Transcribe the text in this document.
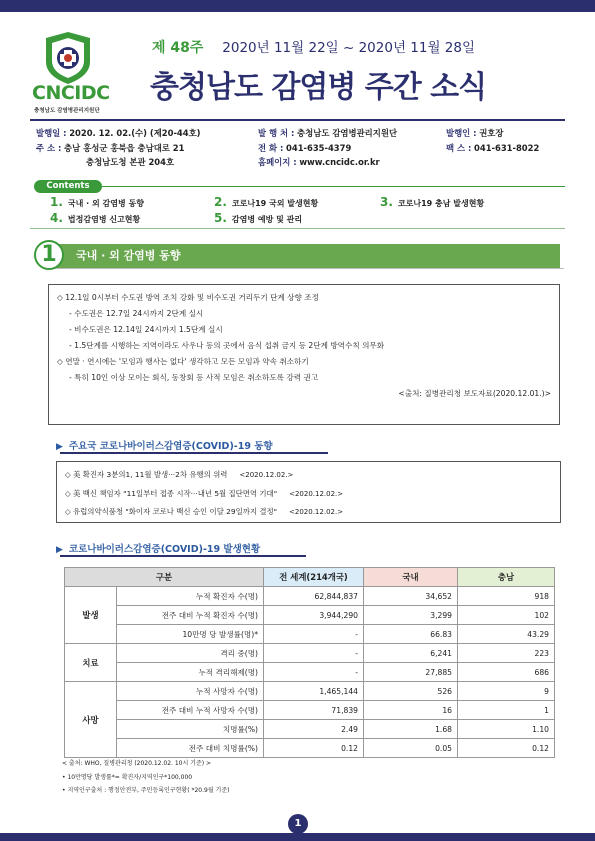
CNCIDC
충청남도 감염병관리지원단
제 48주 2020년 11월 22일 ~ 2020년 11월 28일
충청남도 감염병 주간 소식
발행일 : 2020. 12. 02.(수) (제20-44호)
주 소 : 충남 홍성군 홍북읍 충남대로 21
충청남도청 본관 204호
발 행 처 : 충청남도 감염병관리지원단
전 화 : 041-635-4379
홈페이지 : www.cncidc.or.kr
발행인 : 권호장
팩 스 : 041-631-8022
Contents
1. 국내 · 외 감염병 동향	2. 코로나19 국외 발생현황	3. 코로나19 충남 발생현황
4. 법정감염병 신고현황	5. 감염병 예방 및 관리
국내 · 외 감염병 동향
1
◇ 12.1일 0시부터 수도권 방역 조치 강화 및 비수도권 거리두기 단계 상향 조정
- 수도권은 12.7일 24시까지 2단계 실시
- 비수도권은 12.14일 24시까지 1.5단계 실시
- 1.5단계를 시행하는 지역이라도 사우나 등의 곳에서 음식 섭취 금지 등 2단계 방역수칙 의무화
◇ 연말 · 연시에는 '모임과 행사는 없다' 생각하고 모든 모임과 약속 취소하기
- 특히 10인 이상 모이는 회식, 동창회 등 사적 모임은 취소하도록 강력 권고
<출처: 질병관리청 보도자료(2020.12.01.)>
▶ 주요국 코로나바이러스감염증(COVID)-19 동향
◇ 美 확진자 3분의1, 11월 발생···2차 유행의 위력 <2020.12.02.>
◇ 美 백신 책임자 "11일부터 접종 시작···내년 5월 집단면역 기대" <2020.12.02.>
◇ 유럽의약식품청 "화이자 코로나 백신 승인 이달 29일까지 결정" <2020.12.02.>
▶ 코로나바이러스감염증(COVID)-19 발생현황
구분		전 세계(214개국)	국내	충남
발생	누적 확진자 수(명)	62,844,837	34,652	918
	전주 대비 누적 확진자 수(명)	3,944,290	3,299	102
	10만명 당 발생률(명)*	-	66.83	43.29
치료	격리 중(명)	-	6,241	223
	누적 격리해제(명)	-	27,885	686
사망	누적 사망자 수(명)	1,465,144	526	9
	전주 대비 누적 사망자 수(명)	71,839	16	1
	치명률(%)	2.49	1.68	1.10
	전주 대비 치명률(%)	0.12	0.05	0.12
< 출처: WHO, 질병관리청 (2020.12.02. 10시 기준) >
• 10만명당 발생률*= 확진자/지역인구*100,000
• 지역인구출처 : 행정안전부, 주민등록인구현황( *20.9월 기준)
1
